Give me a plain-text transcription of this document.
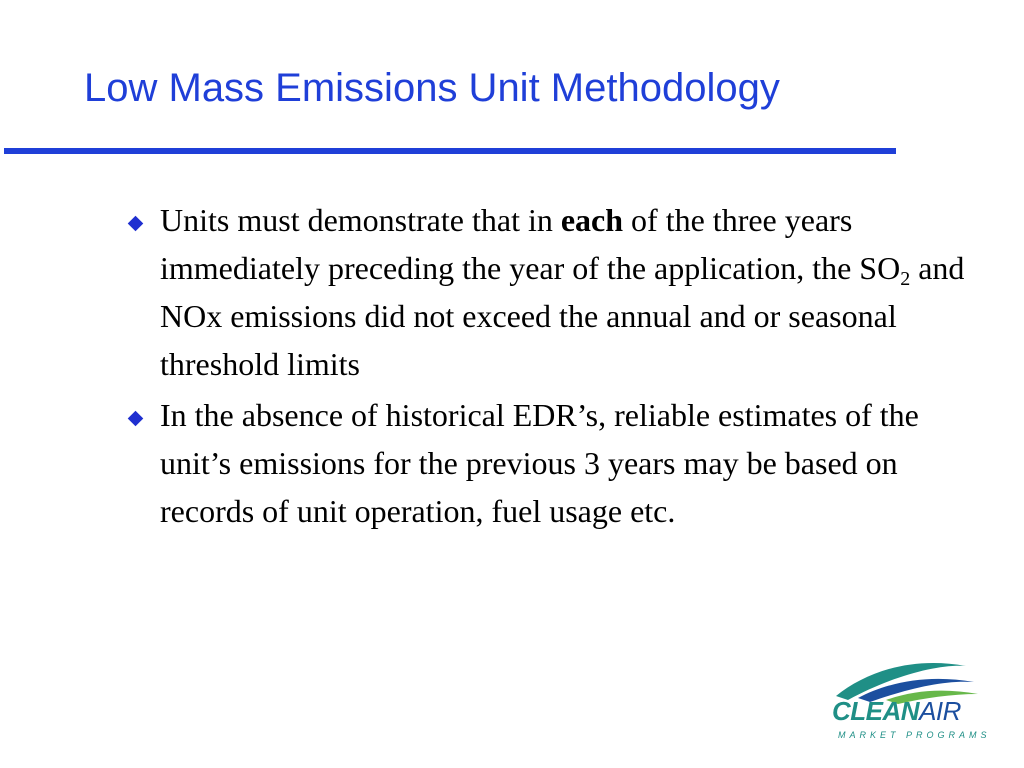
Low Mass Emissions Unit Methodology
Units must demonstrate that in each of the three years immediately preceding the year of the application, the $SO_2$ and NOx emissions did not exceed the annual and or seasonal threshold limits
In the absence of historical EDR’s, reliable estimates of the unit’s emissions for the previous 3 years may be based on records of unit operation, fuel usage etc.
CLEANAIR
MARKET PROGRAMS
